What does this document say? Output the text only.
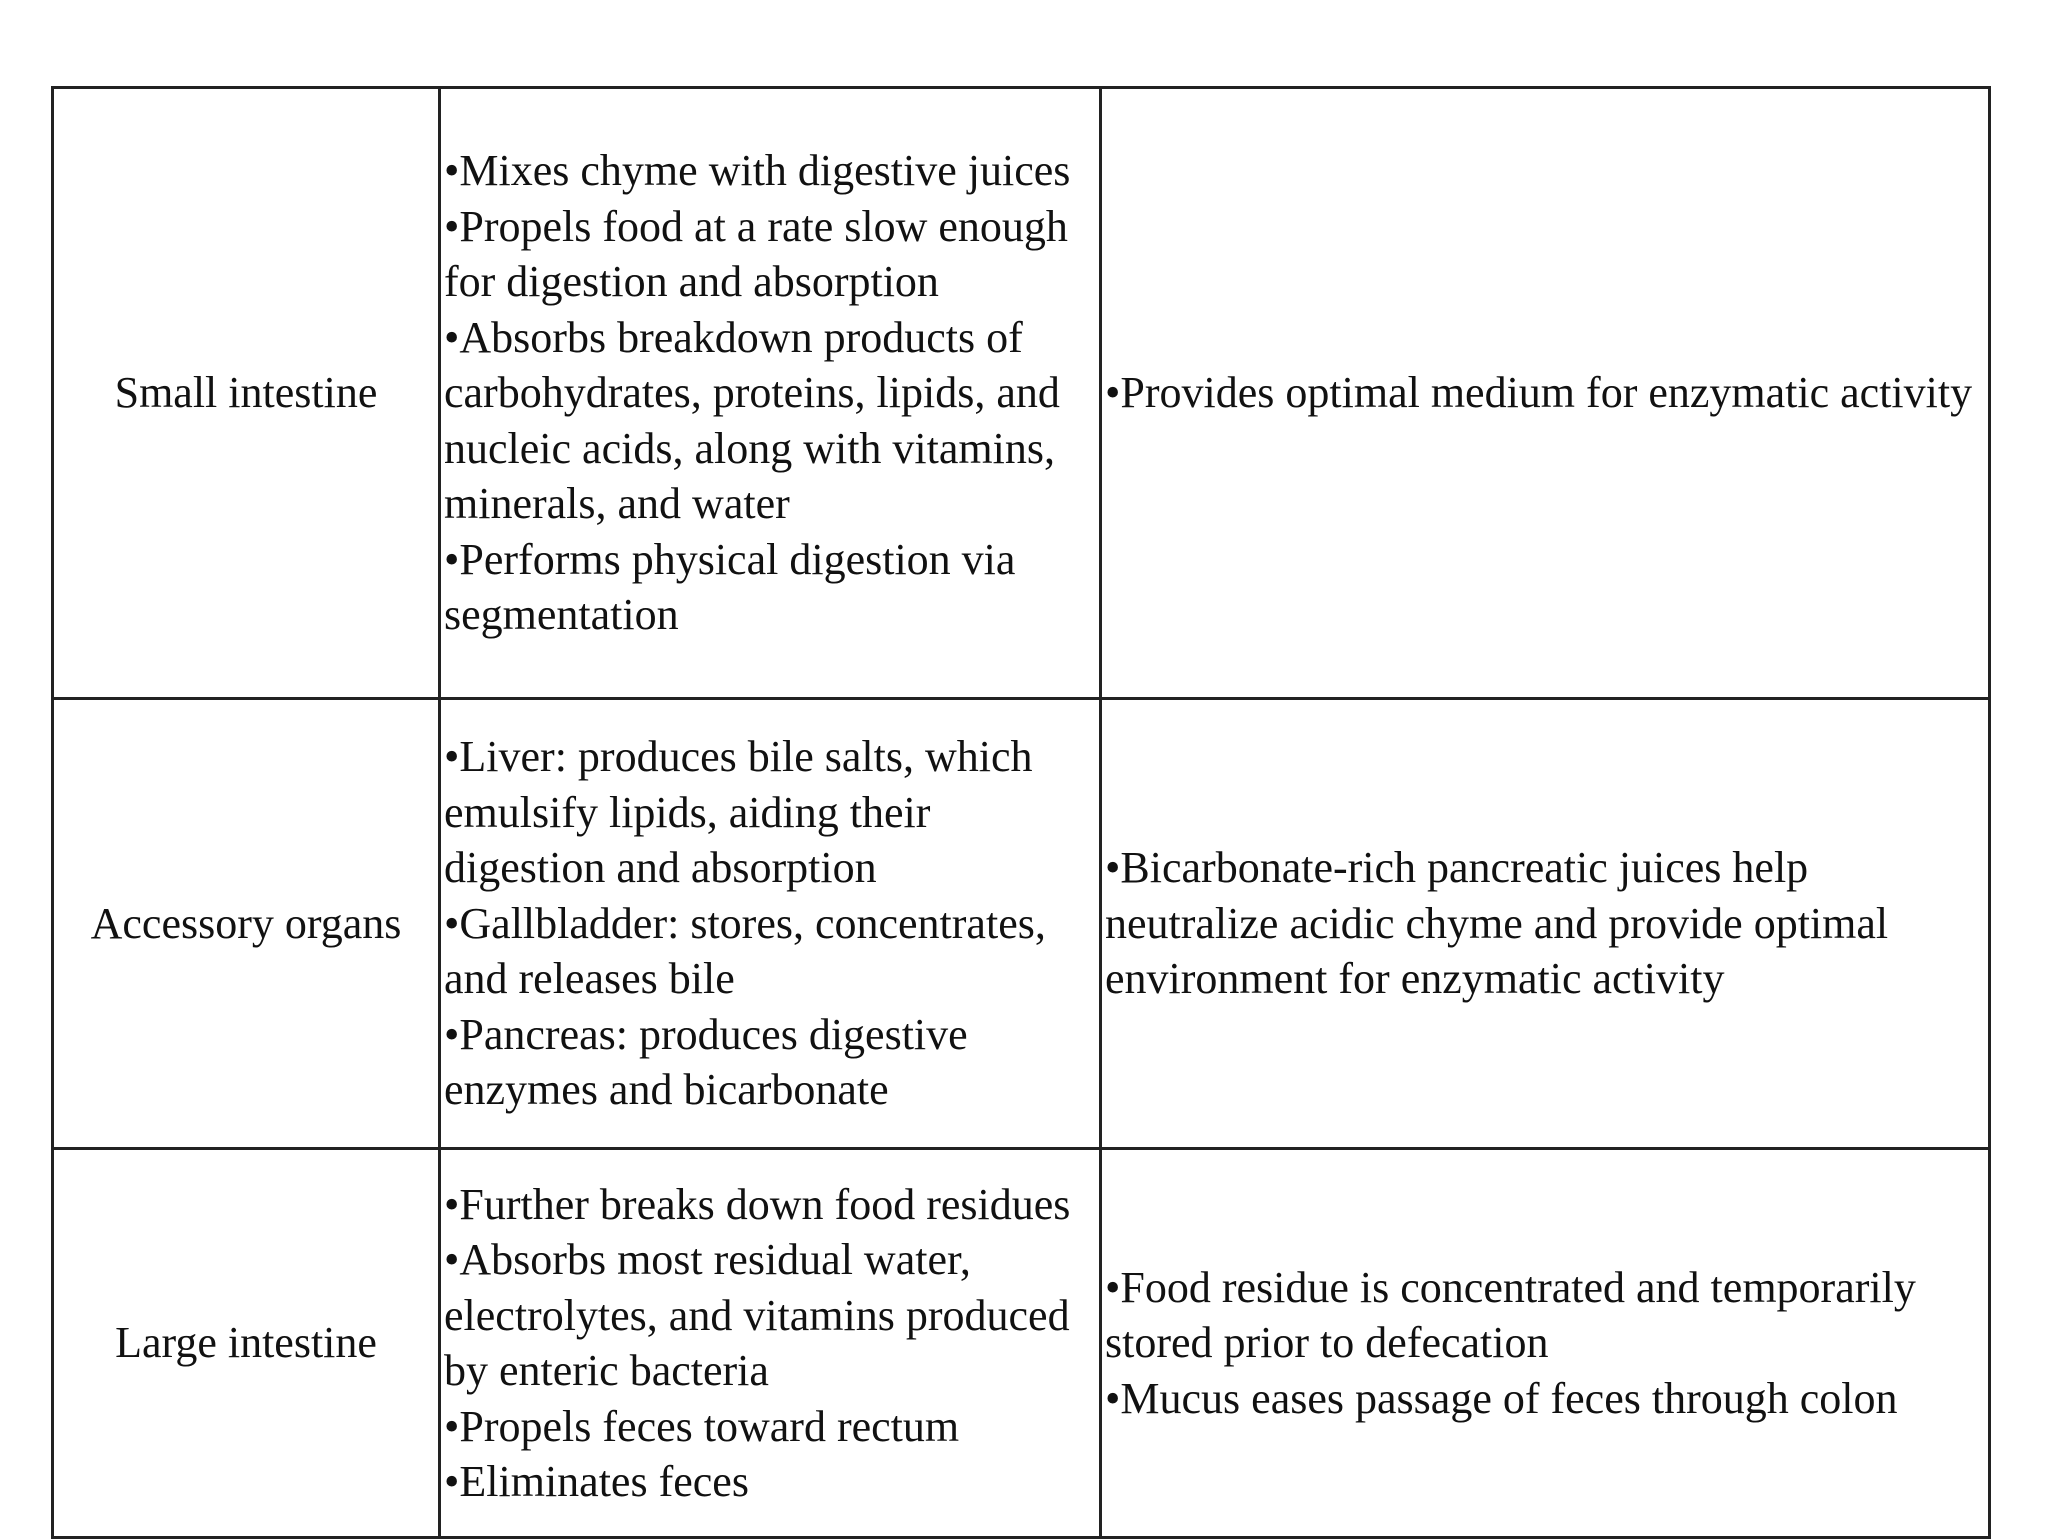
Small intestine	•Mixes chyme with digestive juices
•Propels food at a rate slow enough for digestion and absorption
•Absorbs breakdown products of carbohydrates, proteins, lipids, and nucleic acids, along with vitamins, minerals, and water
•Performs physical digestion via segmentation	•Provides optimal medium for enzymatic activity

Accessory organs	•Liver: produces bile salts, which emulsify lipids, aiding their digestion and absorption
•Gallbladder: stores, concentrates, and releases bile
•Pancreas: produces digestive enzymes and bicarbonate	•Bicarbonate-rich pancreatic juices help neutralize acidic chyme and provide optimal environment for enzymatic activity

Large intestine	•Further breaks down food residues
•Absorbs most residual water, electrolytes, and vitamins produced by enteric bacteria
•Propels feces toward rectum
•Eliminates feces	•Food residue is concentrated and temporarily stored prior to defecation
•Mucus eases passage of feces through colon
